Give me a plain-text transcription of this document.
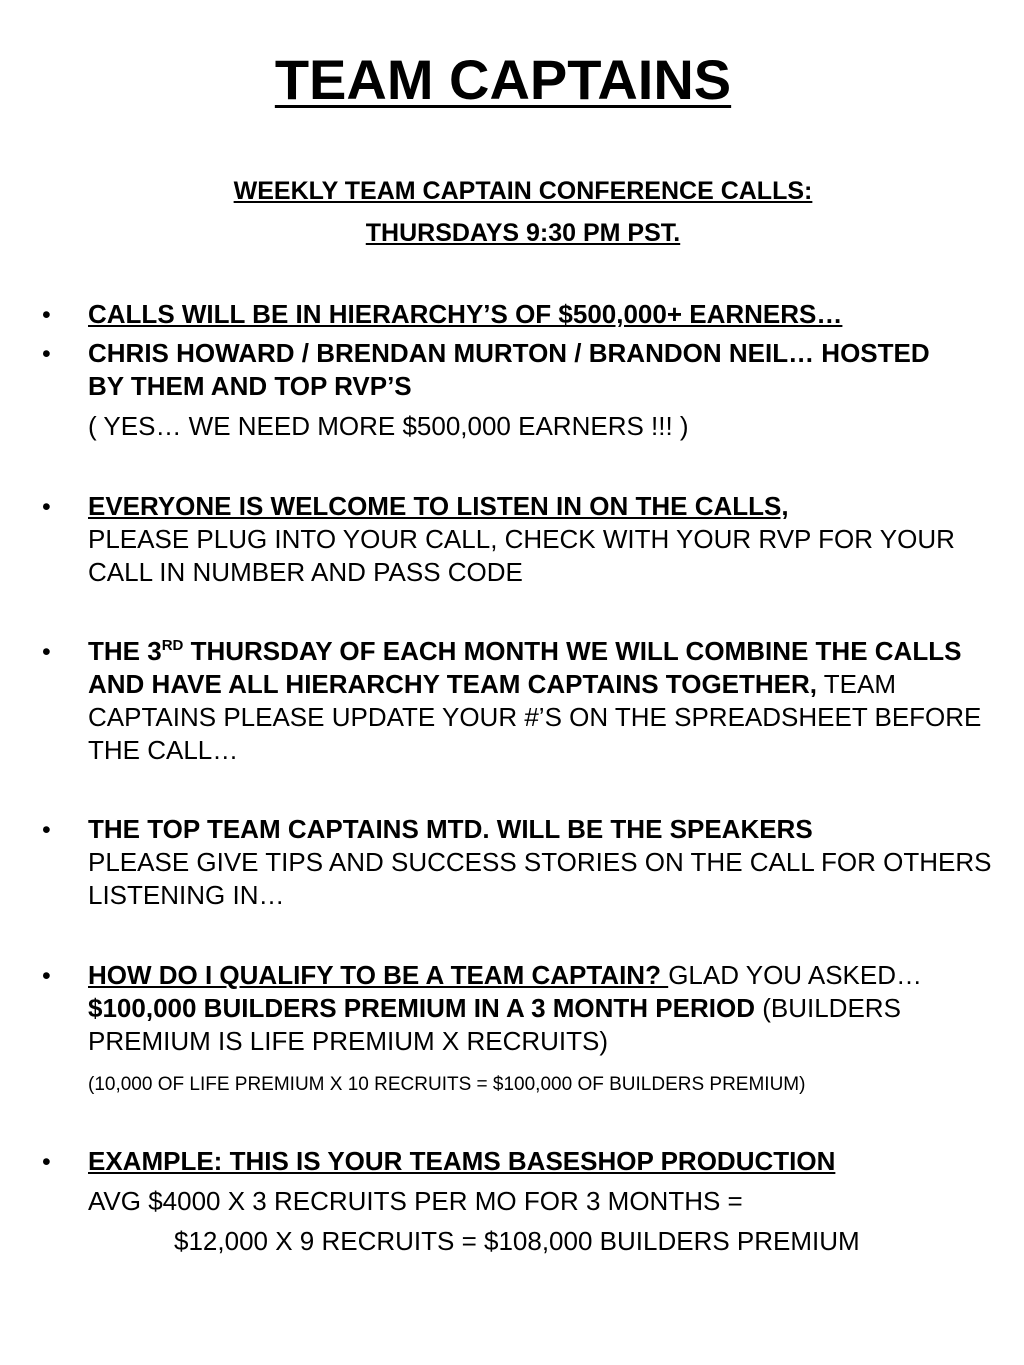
TEAM CAPTAINS
WEEKLY TEAM CAPTAIN CONFERENCE CALLS:
THURSDAYS 9:30 PM PST.
• CALLS WILL BE IN HIERARCHY’S OF $500,000+ EARNERS…
• CHRIS HOWARD / BRENDAN MURTON / BRANDON NEIL… HOSTED BY THEM AND TOP RVP’S
( YES… WE NEED MORE $500,000 EARNERS !!! )
• EVERYONE IS WELCOME TO LISTEN IN ON THE CALLS,
PLEASE PLUG INTO YOUR CALL, CHECK WITH YOUR RVP FOR YOUR CALL IN NUMBER AND PASS CODE
• THE 3RD THURSDAY OF EACH MONTH WE WILL COMBINE THE CALLS AND HAVE ALL HIERARCHY TEAM CAPTAINS TOGETHER, TEAM CAPTAINS PLEASE UPDATE YOUR #’S ON THE SPREADSHEET BEFORE THE CALL…
• THE TOP TEAM CAPTAINS MTD. WILL BE THE SPEAKERS
PLEASE GIVE TIPS AND SUCCESS STORIES ON THE CALL FOR OTHERS LISTENING IN…
• HOW DO I QUALIFY TO BE A TEAM CAPTAIN? GLAD YOU ASKED… $100,000 BUILDERS PREMIUM IN A 3 MONTH PERIOD (BUILDERS PREMIUM IS LIFE PREMIUM X RECRUITS)
(10,000 OF LIFE PREMIUM X 10 RECRUITS = $100,000 OF BUILDERS PREMIUM)
• EXAMPLE: THIS IS YOUR TEAMS BASESHOP PRODUCTION
AVG $4000 X 3 RECRUITS PER MO FOR 3 MONTHS =
$12,000 X 9 RECRUITS = $108,000 BUILDERS PREMIUM
